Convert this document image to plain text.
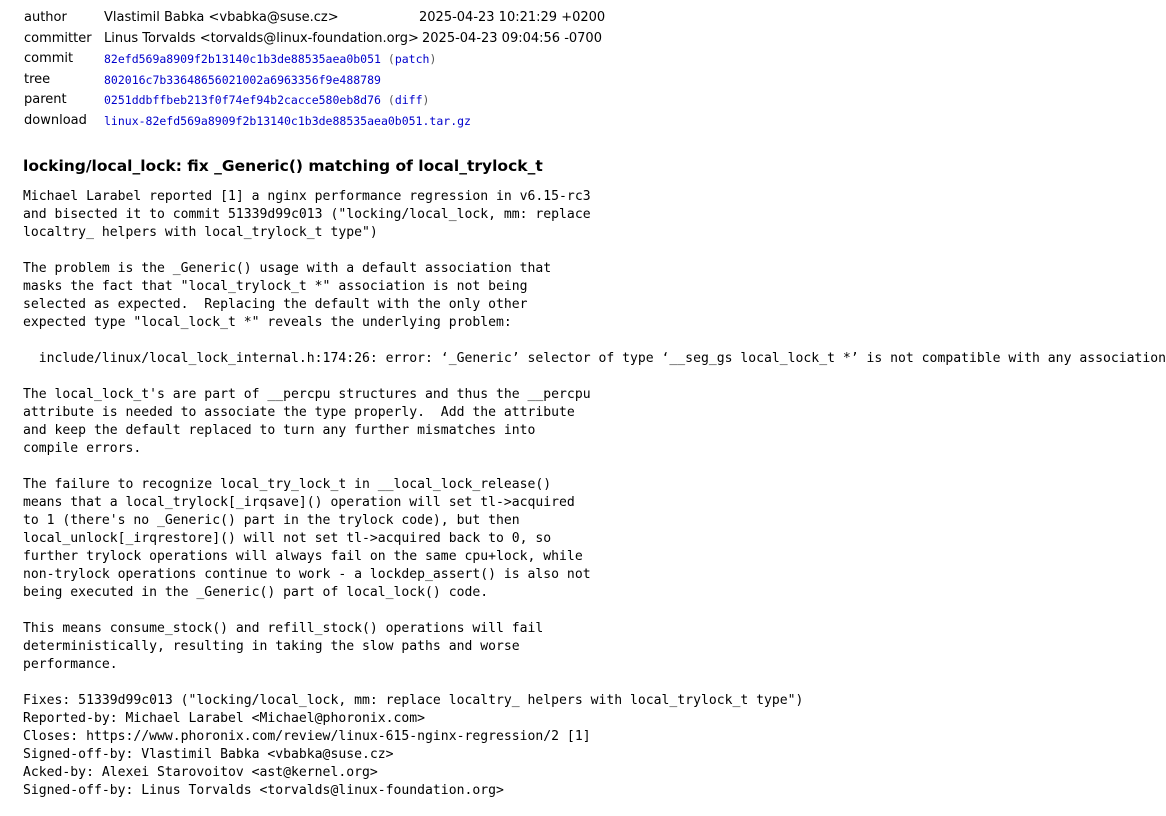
author	Vlastimil Babka <vbabka@suse.cz>	2025-04-23 10:21:29 +0200
committer Linus Torvalds <torvalds@linux-foundation.org> 2025-04-23 09:04:56 -0700
commit	82efd569a8909f2b13140c1b3de88535aea0b051 (patch)
tree	802016c7b33648656021002a6963356f9e488789
parent	0251ddbffbeb213f0f74ef94b2cacce580eb8d76 (diff)
download	linux-82efd569a8909f2b13140c1b3de88535aea0b051.tar.gz
locking/local_lock: fix _Generic() matching of local_trylock_t
Michael Larabel reported [1] a nginx performance regression in v6.15-rc3
and bisected it to commit 51339d99c013 ("locking/local_lock, mm: replace
localtry_ helpers with local_trylock_t type")

The problem is the _Generic() usage with a default association that
masks the fact that "local_trylock_t *" association is not being
selected as expected.  Replacing the default with the only other
expected type "local_lock_t *" reveals the underlying problem:

include/linux/local_lock_internal.h:174:26: error: ‘_Generic’ selector of type ‘__seg_gs local_lock_t *’ is not compatible with any association

The local_lock_t's are part of __percpu structures and thus the __percpu
attribute is needed to associate the type properly.  Add the attribute
and keep the default replaced to turn any further mismatches into
compile errors.

The failure to recognize local_try_lock_t in __local_lock_release()
means that a local_trylock[_irqsave]() operation will set tl->acquired
to 1 (there's no _Generic() part in the trylock code), but then
local_unlock[_irqrestore]() will not set tl->acquired back to 0, so
further trylock operations will always fail on the same cpu+lock, while
non-trylock operations continue to work - a lockdep_assert() is also not
being executed in the _Generic() part of local_lock() code.

This means consume_stock() and refill_stock() operations will fail
deterministically, resulting in taking the slow paths and worse
performance.

Fixes: 51339d99c013 ("locking/local_lock, mm: replace localtry_ helpers with local_trylock_t type")
Reported-by: Michael Larabel <Michael@phoronix.com>
Closes: https://www.phoronix.com/review/linux-615-nginx-regression/2 [1]
Signed-off-by: Vlastimil Babka <vbabka@suse.cz>
Acked-by: Alexei Starovoitov <ast@kernel.org>
Signed-off-by: Linus Torvalds <torvalds@linux-foundation.org>
